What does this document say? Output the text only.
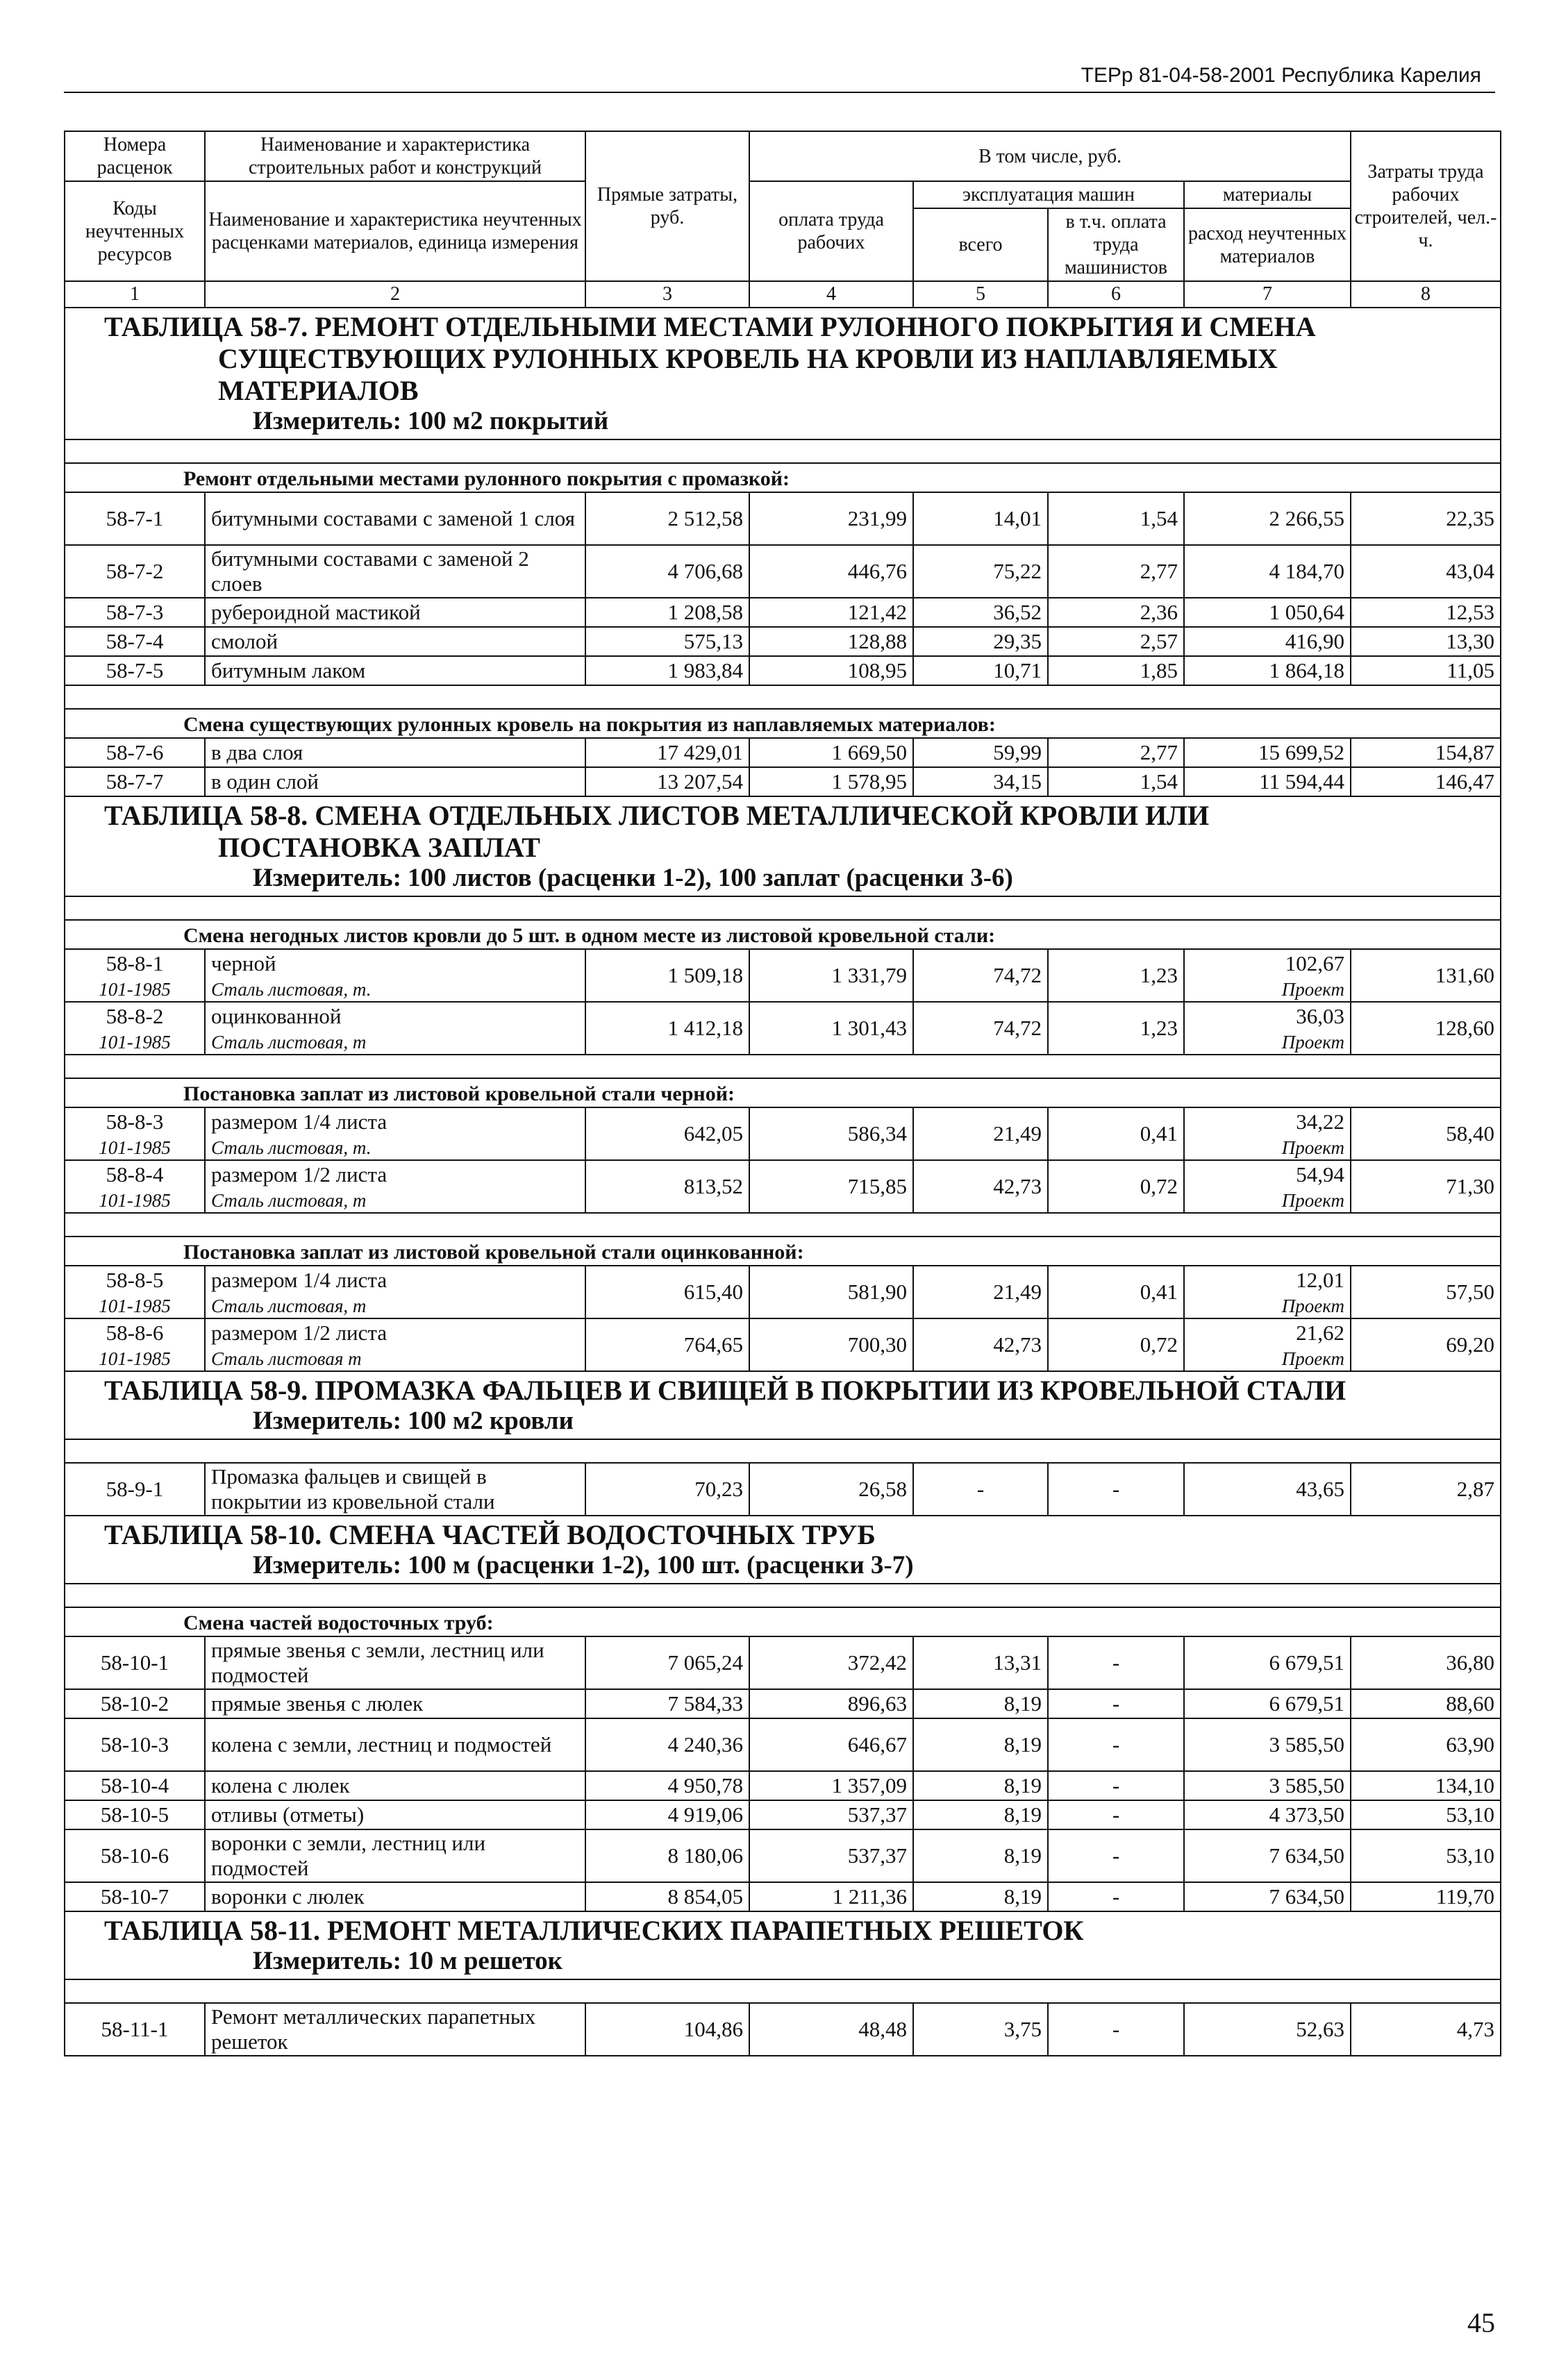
ТЕРр 81-04-58-2001 Республика Карелия
Номера расценок	Наименование и характеристика строительных работ и конструкций	Прямые затраты, руб.	В том числе, руб.				Затраты труда рабочих строителей, чел.-ч.
Коды неучтенных ресурсов	Наименование и характеристика неучтенных расценками материалов, единица измерения		оплата труда рабочих	эксплуатация машин		материалы	
				всего	в т.ч. оплата труда машинистов	расход неучтенных материалов	
1	2	3	4	5	6	7	8

ТАБЛИЦА 58-7. РЕМОНТ ОТДЕЛЬНЫМИ МЕСТАМИ РУЛОННОГО ПОКРЫТИЯ И СМЕНА
СУЩЕСТВУЮЩИХ РУЛОННЫХ КРОВЕЛЬ НА КРОВЛИ ИЗ НАПЛАВЛЯЕМЫХ
МАТЕРИАЛОВ
Измеритель: 100 м2 покрытий							

Ремонт отдельными местами рулонного покрытия с промазкой:							
58-7-1	битумными составами с заменой 1 слоя	2 512,58	231,99	14,01	1,54	2 266,55	22,35
58-7-2	битумными составами с заменой 2 слоев	4 706,68	446,76	75,22	2,77	4 184,70	43,04
58-7-3	рубероидной мастикой	1 208,58	121,42	36,52	2,36	1 050,64	12,53
58-7-4	смолой	575,13	128,88	29,35	2,57	416,90	13,30
58-7-5	битумным лаком	1 983,84	108,95	10,71	1,85	1 864,18	11,05

Смена существующих рулонных кровель на покрытия из наплавляемых материалов:							
58-7-6	в два слоя	17 429,01	1 669,50	59,99	2,77	15 699,52	154,87
58-7-7	в один слой	13 207,54	1 578,95	34,15	1,54	11 594,44	146,47

ТАБЛИЦА 58-8. СМЕНА ОТДЕЛЬНЫХ ЛИСТОВ МЕТАЛЛИЧЕСКОЙ КРОВЛИ ИЛИ
ПОСТАНОВКА ЗАПЛАТ
Измеритель: 100 листов (расценки 1-2), 100 заплат (расценки 3-6)							

Смена негодных листов кровли до 5 шт. в одном месте из листовой кровельной стали:							
58-8-1	черной	1 509,18	1 331,79	74,72	1,23	102,67	131,60
101-1985	Сталь листовая, т.					Проект	
58-8-2	оцинкованной	1 412,18	1 301,43	74,72	1,23	36,03	128,60
101-1985	Сталь листовая, т					Проект	

Постановка заплат из листовой кровельной стали черной:							
58-8-3	размером 1/4 листа	642,05	586,34	21,49	0,41	34,22	58,40
101-1985	Сталь листовая, т.					Проект	
58-8-4	размером 1/2 листа	813,52	715,85	42,73	0,72	54,94	71,30
101-1985	Сталь листовая, т					Проект	

Постановка заплат из листовой кровельной стали оцинкованной:							
58-8-5	размером 1/4 листа	615,40	581,90	21,49	0,41	12,01	57,50
101-1985	Сталь листовая, т					Проект	
58-8-6	размером 1/2 листа	764,65	700,30	42,73	0,72	21,62	69,20
101-1985	Сталь листовая т					Проект	

ТАБЛИЦА 58-9. ПРОМАЗКА ФАЛЬЦЕВ И СВИЩЕЙ В ПОКРЫТИИ ИЗ КРОВЕЛЬНОЙ СТАЛИ
Измеритель: 100 м2 кровли							

58-9-1	Промазка фальцев и свищей в покрытии из кровельной стали	70,23	26,58	-	-	43,65	2,87

ТАБЛИЦА 58-10. СМЕНА ЧАСТЕЙ ВОДОСТОЧНЫХ ТРУБ
Измеритель: 100 м (расценки 1-2), 100 шт. (расценки 3-7)							

Смена частей водосточных труб:							
58-10-1	прямые звенья с земли, лестниц или подмостей	7 065,24	372,42	13,31	-	6 679,51	36,80
58-10-2	прямые звенья с люлек	7 584,33	896,63	8,19	-	6 679,51	88,60
58-10-3	колена с земли, лестниц и подмостей	4 240,36	646,67	8,19	-	3 585,50	63,90
58-10-4	колена с люлек	4 950,78	1 357,09	8,19	-	3 585,50	134,10
58-10-5	отливы (отметы)	4 919,06	537,37	8,19	-	4 373,50	53,10
58-10-6	воронки с земли, лестниц или подмостей	8 180,06	537,37	8,19	-	7 634,50	53,10
58-10-7	воронки с люлек	8 854,05	1 211,36	8,19	-	7 634,50	119,70

ТАБЛИЦА 58-11. РЕМОНТ МЕТАЛЛИЧЕСКИХ ПАРАПЕТНЫХ РЕШЕТОК
Измеритель: 10 м решеток							

58-11-1	Ремонт металлических парапетных решеток	104,86	48,48	3,75	-	52,63	4,73
45
